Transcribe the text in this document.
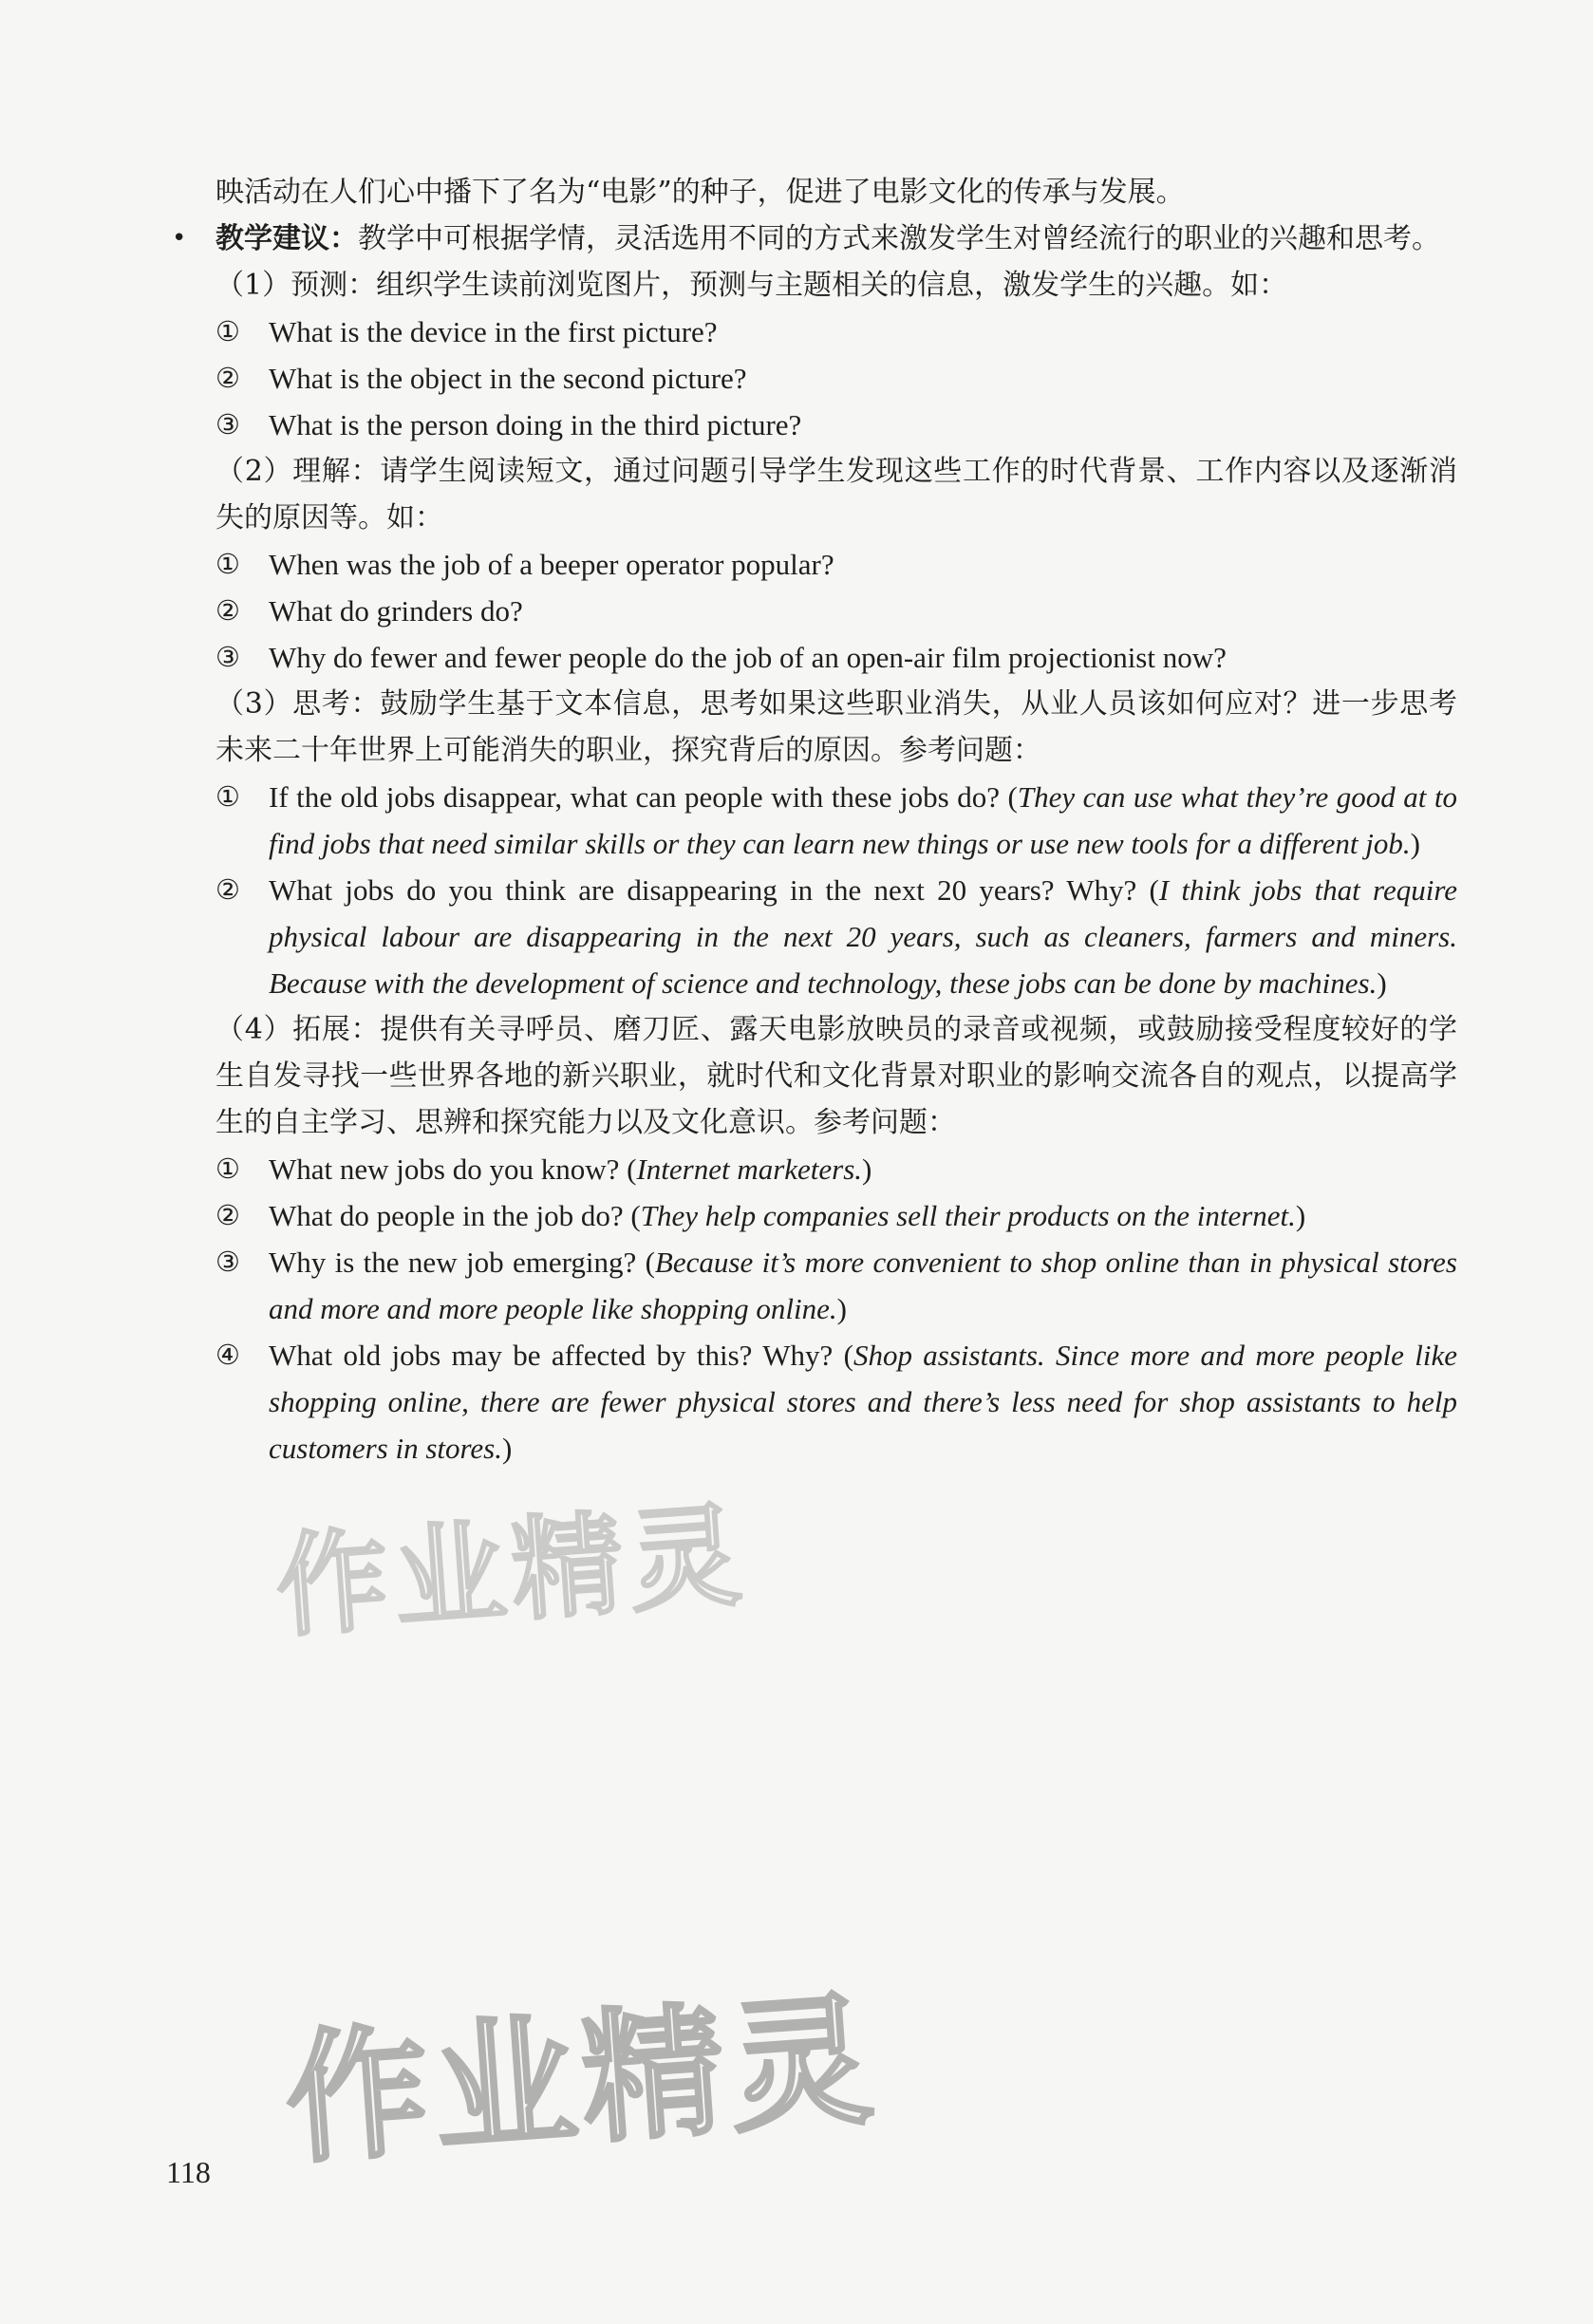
映活动在人们心中播下了名为“电影”的种子，促进了电影文化的传承与发展。

• 教学建议：教学中可根据学情，灵活选用不同的方式来激发学生对曾经流行的职业的兴趣和思考。

（1）预测：组织学生读前浏览图片，预测与主题相关的信息，激发学生的兴趣。如：

① What is the device in the first picture?

② What is the object in the second picture?

③ What is the person doing in the third picture?

（2）理解：请学生阅读短文，通过问题引导学生发现这些工作的时代背景、工作内容以及逐渐消失的原因等。如：

① When was the job of a beeper operator popular?

② What do grinders do?

③ Why do fewer and fewer people do the job of an open-air film projectionist now?

（3）思考：鼓励学生基于文本信息，思考如果这些职业消失，从业人员该如何应对？进一步思考未来二十年世界上可能消失的职业，探究背后的原因。参考问题：

① If the old jobs disappear, what can people with these jobs do? (They can use what they’re good at to find jobs that need similar skills or they can learn new things or use new tools for a different job.)

② What jobs do you think are disappearing in the next 20 years? Why? (I think jobs that require physical labour are disappearing in the next 20 years, such as cleaners, farmers and miners. Because with the development of science and technology, these jobs can be done by machines.)

（4）拓展：提供有关寻呼员、磨刀匠、露天电影放映员的录音或视频，或鼓励接受程度较好的学生自发寻找一些世界各地的新兴职业，就时代和文化背景对职业的影响交流各自的观点，以提高学生的自主学习、思辨和探究能力以及文化意识。参考问题：

① What new jobs do you know? (Internet marketers.)

② What do people in the job do? (They help companies sell their products on the internet.)

③ Why is the new job emerging? (Because it’s more convenient to shop online than in physical stores and more and more people like shopping online.)

④ What old jobs may be affected by this? Why? (Shop assistants. Since more and more people like shopping online, there are fewer physical stores and there’s less need for shop assistants to help customers in stores.)

作业精灵
作业精灵
118
